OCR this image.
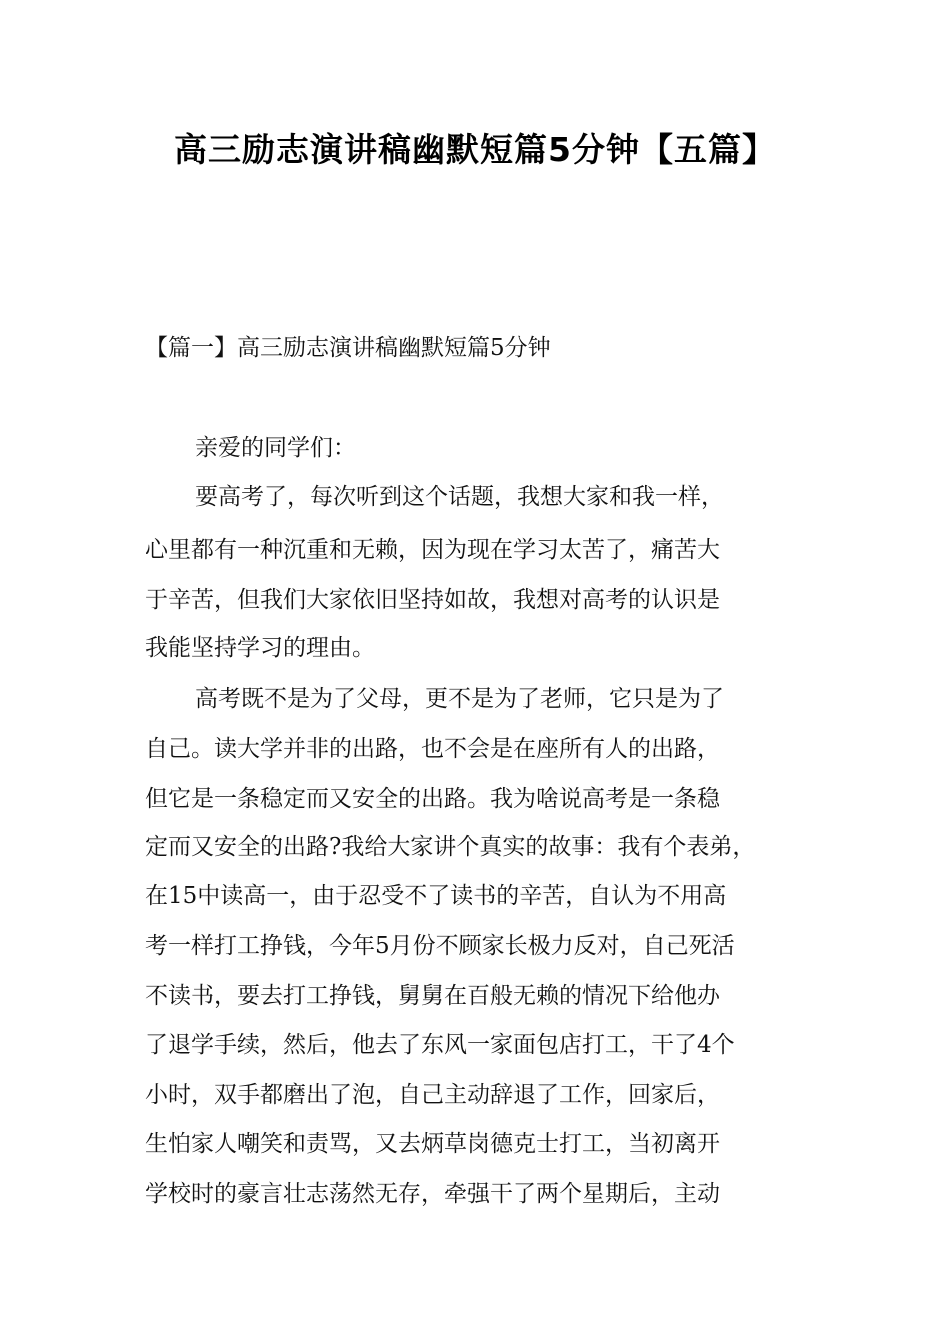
高三励志演讲稿幽默短篇5分钟【五篇】

【篇一】高三励志演讲稿幽默短篇5分钟

亲爱的同学们：

要高考了，每次听到这个话题，我想大家和我一样，

心里都有一种沉重和无赖，因为现在学习太苦了，痛苦大

于辛苦，但我们大家依旧坚持如故，我想对高考的认识是

我能坚持学习的理由。

高考既不是为了父母，更不是为了老师，它只是为了

自己。读大学并非的出路，也不会是在座所有人的出路，

但它是一条稳定而又安全的出路。我为啥说高考是一条稳

定而又安全的出路?我给大家讲个真实的故事：我有个表弟，

在15中读高一，由于忍受不了读书的辛苦，自认为不用高

考一样打工挣钱，今年5月份不顾家长极力反对，自己死活

不读书，要去打工挣钱，舅舅在百般无赖的情况下给他办

了退学手续，然后，他去了东风一家面包店打工，干了4个

小时，双手都磨出了泡，自己主动辞退了工作，回家后，

生怕家人嘲笑和责骂，又去炳草岗德克士打工，当初离开

学校时的豪言壮志荡然无存，牵强干了两个星期后，主动
